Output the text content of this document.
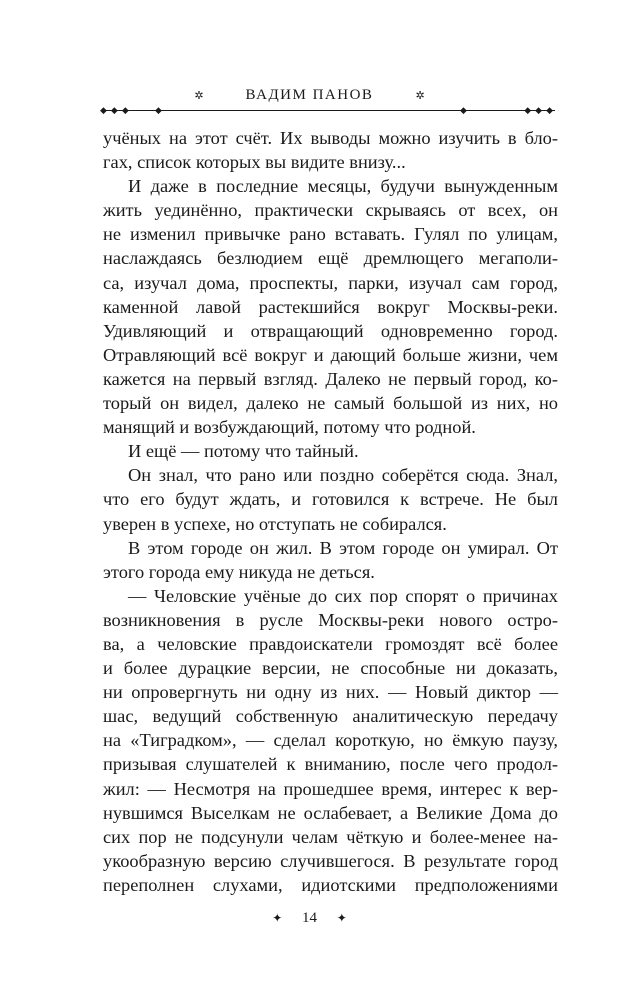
✲	ВАДИМ ПАНОВ	✲
◆◆◆ ◆	◆	◆◆◆
учёных на этот счёт. Их выводы можно изучить в бло-
гах, список которых вы видите внизу...
И даже в последние месяцы, будучи вынужденным
жить уединённо, практически скрываясь от всех, он
не изменил привычке рано вставать. Гулял по улицам,
наслаждаясь безлюдием ещё дремлющего мегаполи-
са, изучал дома, проспекты, парки, изучал сам город,
каменной лавой растекшийся вокруг Москвы-реки.
Удивляющий и отвращающий одновременно город.
Отравляющий всё вокруг и дающий больше жизни, чем
кажется на первый взгляд. Далеко не первый город, ко-
торый он видел, далеко не самый большой из них, но
манящий и возбуждающий, потому что родной.
И ещё — потому что тайный.
Он знал, что рано или поздно соберётся сюда. Знал,
что его будут ждать, и готовился к встрече. Не был
уверен в успехе, но отступать не собирался.
В этом городе он жил. В этом городе он умирал. От
этого города ему никуда не деться.
— Человские учёные до сих пор спорят о причинах
возникновения в русле Москвы-реки нового остро-
ва, а человские правдоискатели громоздят всё более
и более дурацкие версии, не способные ни доказать,
ни опровергнуть ни одну из них. — Новый диктор —
шас, ведущий собственную аналитическую передачу
на «Тиградком», — сделал короткую, но ёмкую паузу,
призывая слушателей к вниманию, после чего продол-
жил: — Несмотря на прошедшее время, интерес к вер-
нувшимся Выселкам не ослабевает, а Великие Дома до
сих пор не подсунули челам чёткую и более-менее на-
укообразную версию случившегося. В результате город
переполнен слухами, идиотскими предположениями
✦ 14 ✦
